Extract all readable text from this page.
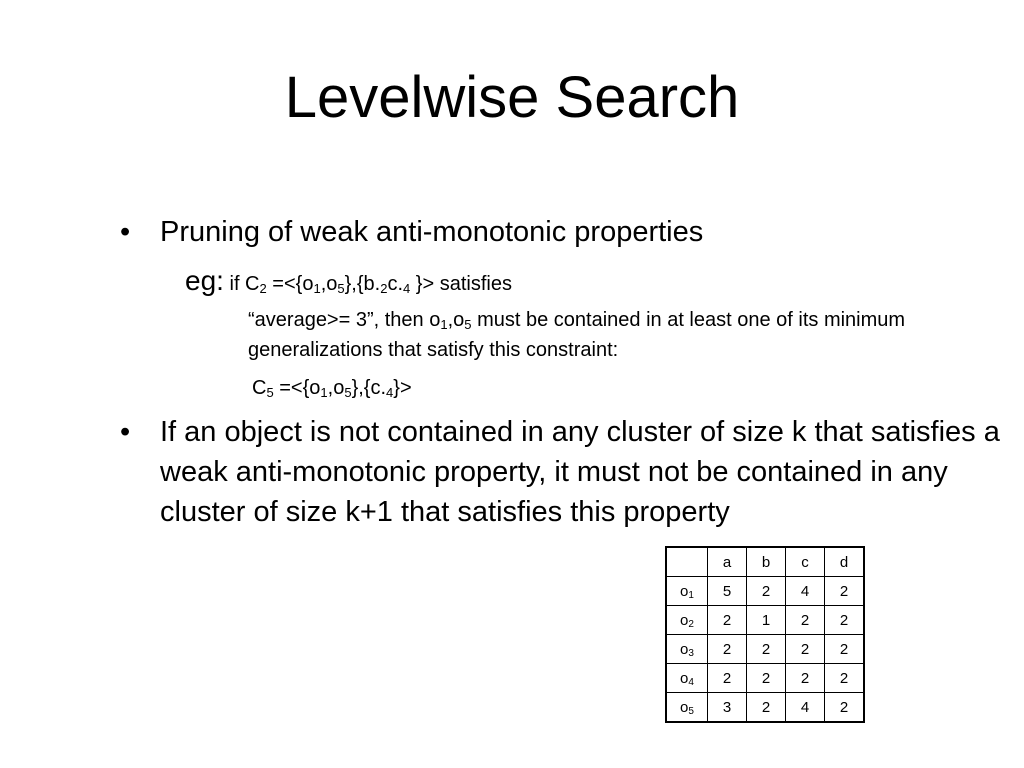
Levelwise Search
• Pruning of weak anti-monotonic properties
eg: if $C_2 =<\{o_1,o_5\},\{b._2c._4$ }> satisfies
“average>= 3”, then $o_1,o_5$ must be contained in at least one of its minimum generalizations that satisfy this constraint:
$C_5 =<\{o_1,o_5\},\{c._4\}>$
• If an object is not contained in any cluster of size k that satisfies a weak anti-monotonic property, it must not be contained in any cluster of size k+1 that satisfies this property
	a	b	c	d
$o_1$	5	2	4	2
$o_2$	2	1	2	2
$o_3$	2	2	2	2
$o_4$	2	2	2	2
$o_5$	3	2	4	2
